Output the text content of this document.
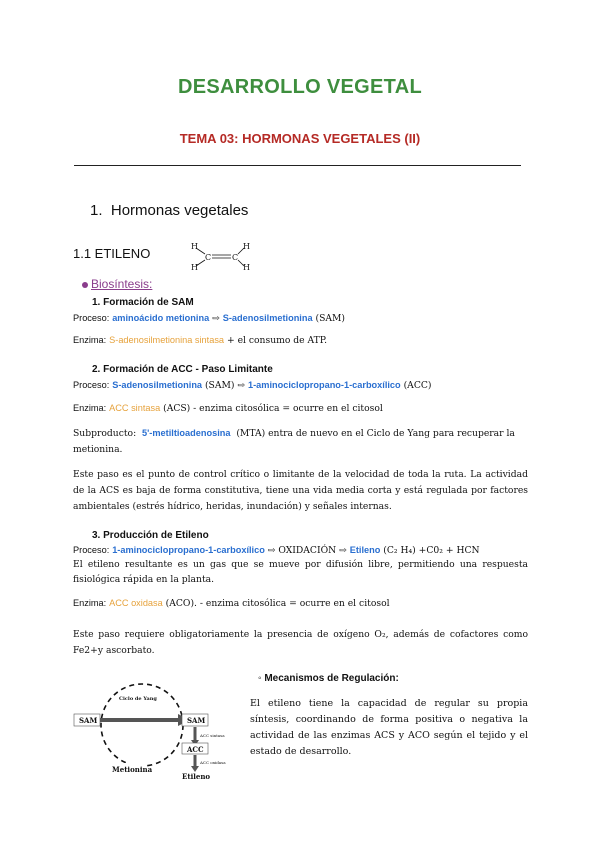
DESARROLLO VEGETAL
TEMA 03: HORMONAS VEGETALES (II)
1. Hormonas vegetales
1.1 ETILENO	H
H
C	C
H
H
Biosíntesis:
1. Formación de SAM
Proceso: aminoácido metionina ⇨ S-adenosilmetionina (SAM)
Enzima: S-adenosilmetionina sintasa + el consumo de ATP.
2. Formación de ACC - Paso Limitante
Proceso: S-adenosilmetionina (SAM) ⇨ 1-aminociclopropano-1-carboxílico (ACC)
Enzima: ACC sintasa (ACS) - enzima citosólica = ocurre en el citosol
Subproducto: 5'-metiltioadenosina (MTA) entra de nuevo en el Ciclo de Yang para recuperar la
metionina.
Este paso es el punto de control crítico o limitante de la velocidad de toda la ruta. La actividad de la ACS es baja de forma constitutiva, tiene una vida media corta y está regulada por factores ambientales (estrés hídrico, heridas, inundación) y señales internas.
3. Producción de Etileno
Proceso: 1-aminociclopropano-1-carboxílico ⇨ OXIDACIÓN ⇨ Etileno (C₂ H₄) +C0₂ + HCN
El etileno resultante es un gas que se mueve por difusión libre, permitiendo una respuesta fisiológica rápida en la planta.
Enzima: ACC oxidasa (ACO). - enzima citosólica = ocurre en el citosol
Este paso requiere obligatoriamente la presencia de oxígeno O₂, además de cofactores como Fe2+y ascorbato.
Ciclo de Yang
SAM	SAM
ACC sintasa
ACC
ACC oxidasa
Etileno
Metionina
◦ Mecanismos de Regulación:
El etileno tiene la capacidad de regular su propia síntesis, coordinando de forma positiva o negativa la actividad de las enzimas ACS y ACO según el tejido y el estado de desarrollo.
